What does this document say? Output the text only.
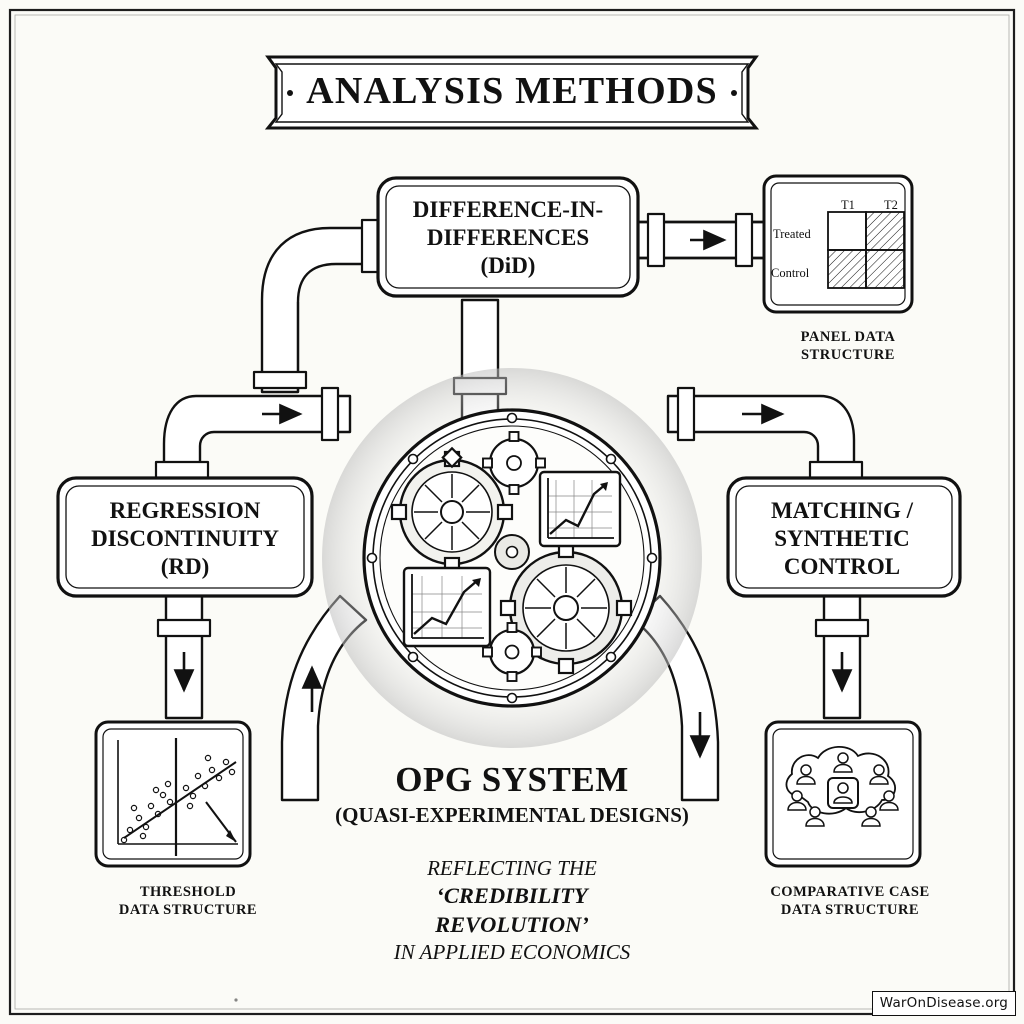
ANALYSIS METHODS
DIFFERENCE-IN-
DIFFERENCES
(DiD)
REGRESSION
DISCONTINUITY
(RD)
MATCHING /
SYNTHETIC
CONTROL
T1 T2
Treated
Control
PANEL DATA
STRUCTURE
THRESHOLD
DATA STRUCTURE
COMPARATIVE CASE
DATA STRUCTURE
OPG SYSTEM
(QUASI-EXPERIMENTAL DESIGNS)
REFLECTING THE
‘CREDIBILITY REVOLUTION’
IN APPLIED ECONOMICS
WarOnDisease.org
